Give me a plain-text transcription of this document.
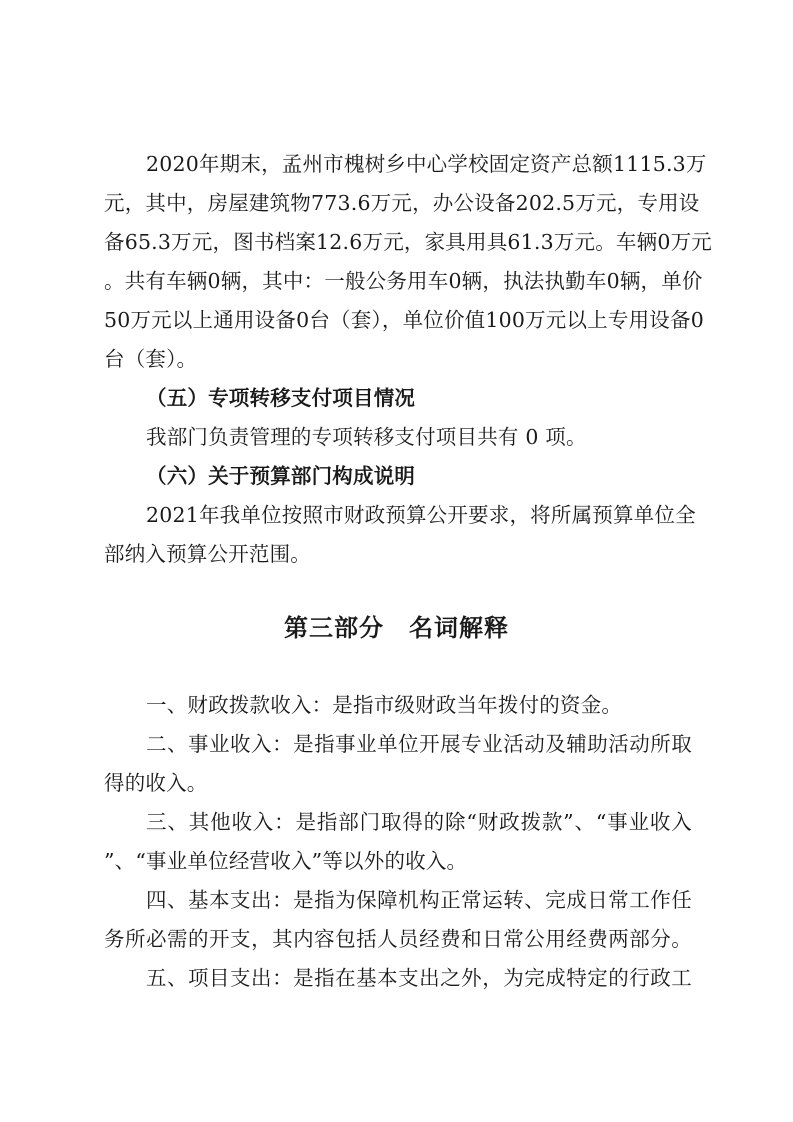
2020年期末，孟州市槐树乡中心学校固定资产总额1115.3万
元，其中，房屋建筑物773.6万元，办公设备202.5万元，专用设
备65.3万元，图书档案12.6万元，家具用具61.3万元。车辆0万元
。共有车辆0辆，其中：一般公务用车0辆，执法执勤车0辆，单价
50万元以上通用设备0台（套），单位价值100万元以上专用设备0
台（套）。
（五）专项转移支付项目情况
我部门负责管理的专项转移支付项目共有 0 项。
（六）关于预算部门构成说明
2021年我单位按照市财政预算公开要求，将所属预算单位全
部纳入预算公开范围。
第三部分　名词解释
一、财政拨款收入：是指市级财政当年拨付的资金。
二、事业收入：是指事业单位开展专业活动及辅助活动所取
得的收入。
三、其他收入：是指部门取得的除“财政拨款”、“事业收入
”、“事业单位经营收入”等以外的收入。
四、基本支出：是指为保障机构正常运转、完成日常工作任
务所必需的开支，其内容包括人员经费和日常公用经费两部分。
五、项目支出：是指在基本支出之外，为完成特定的行政工
